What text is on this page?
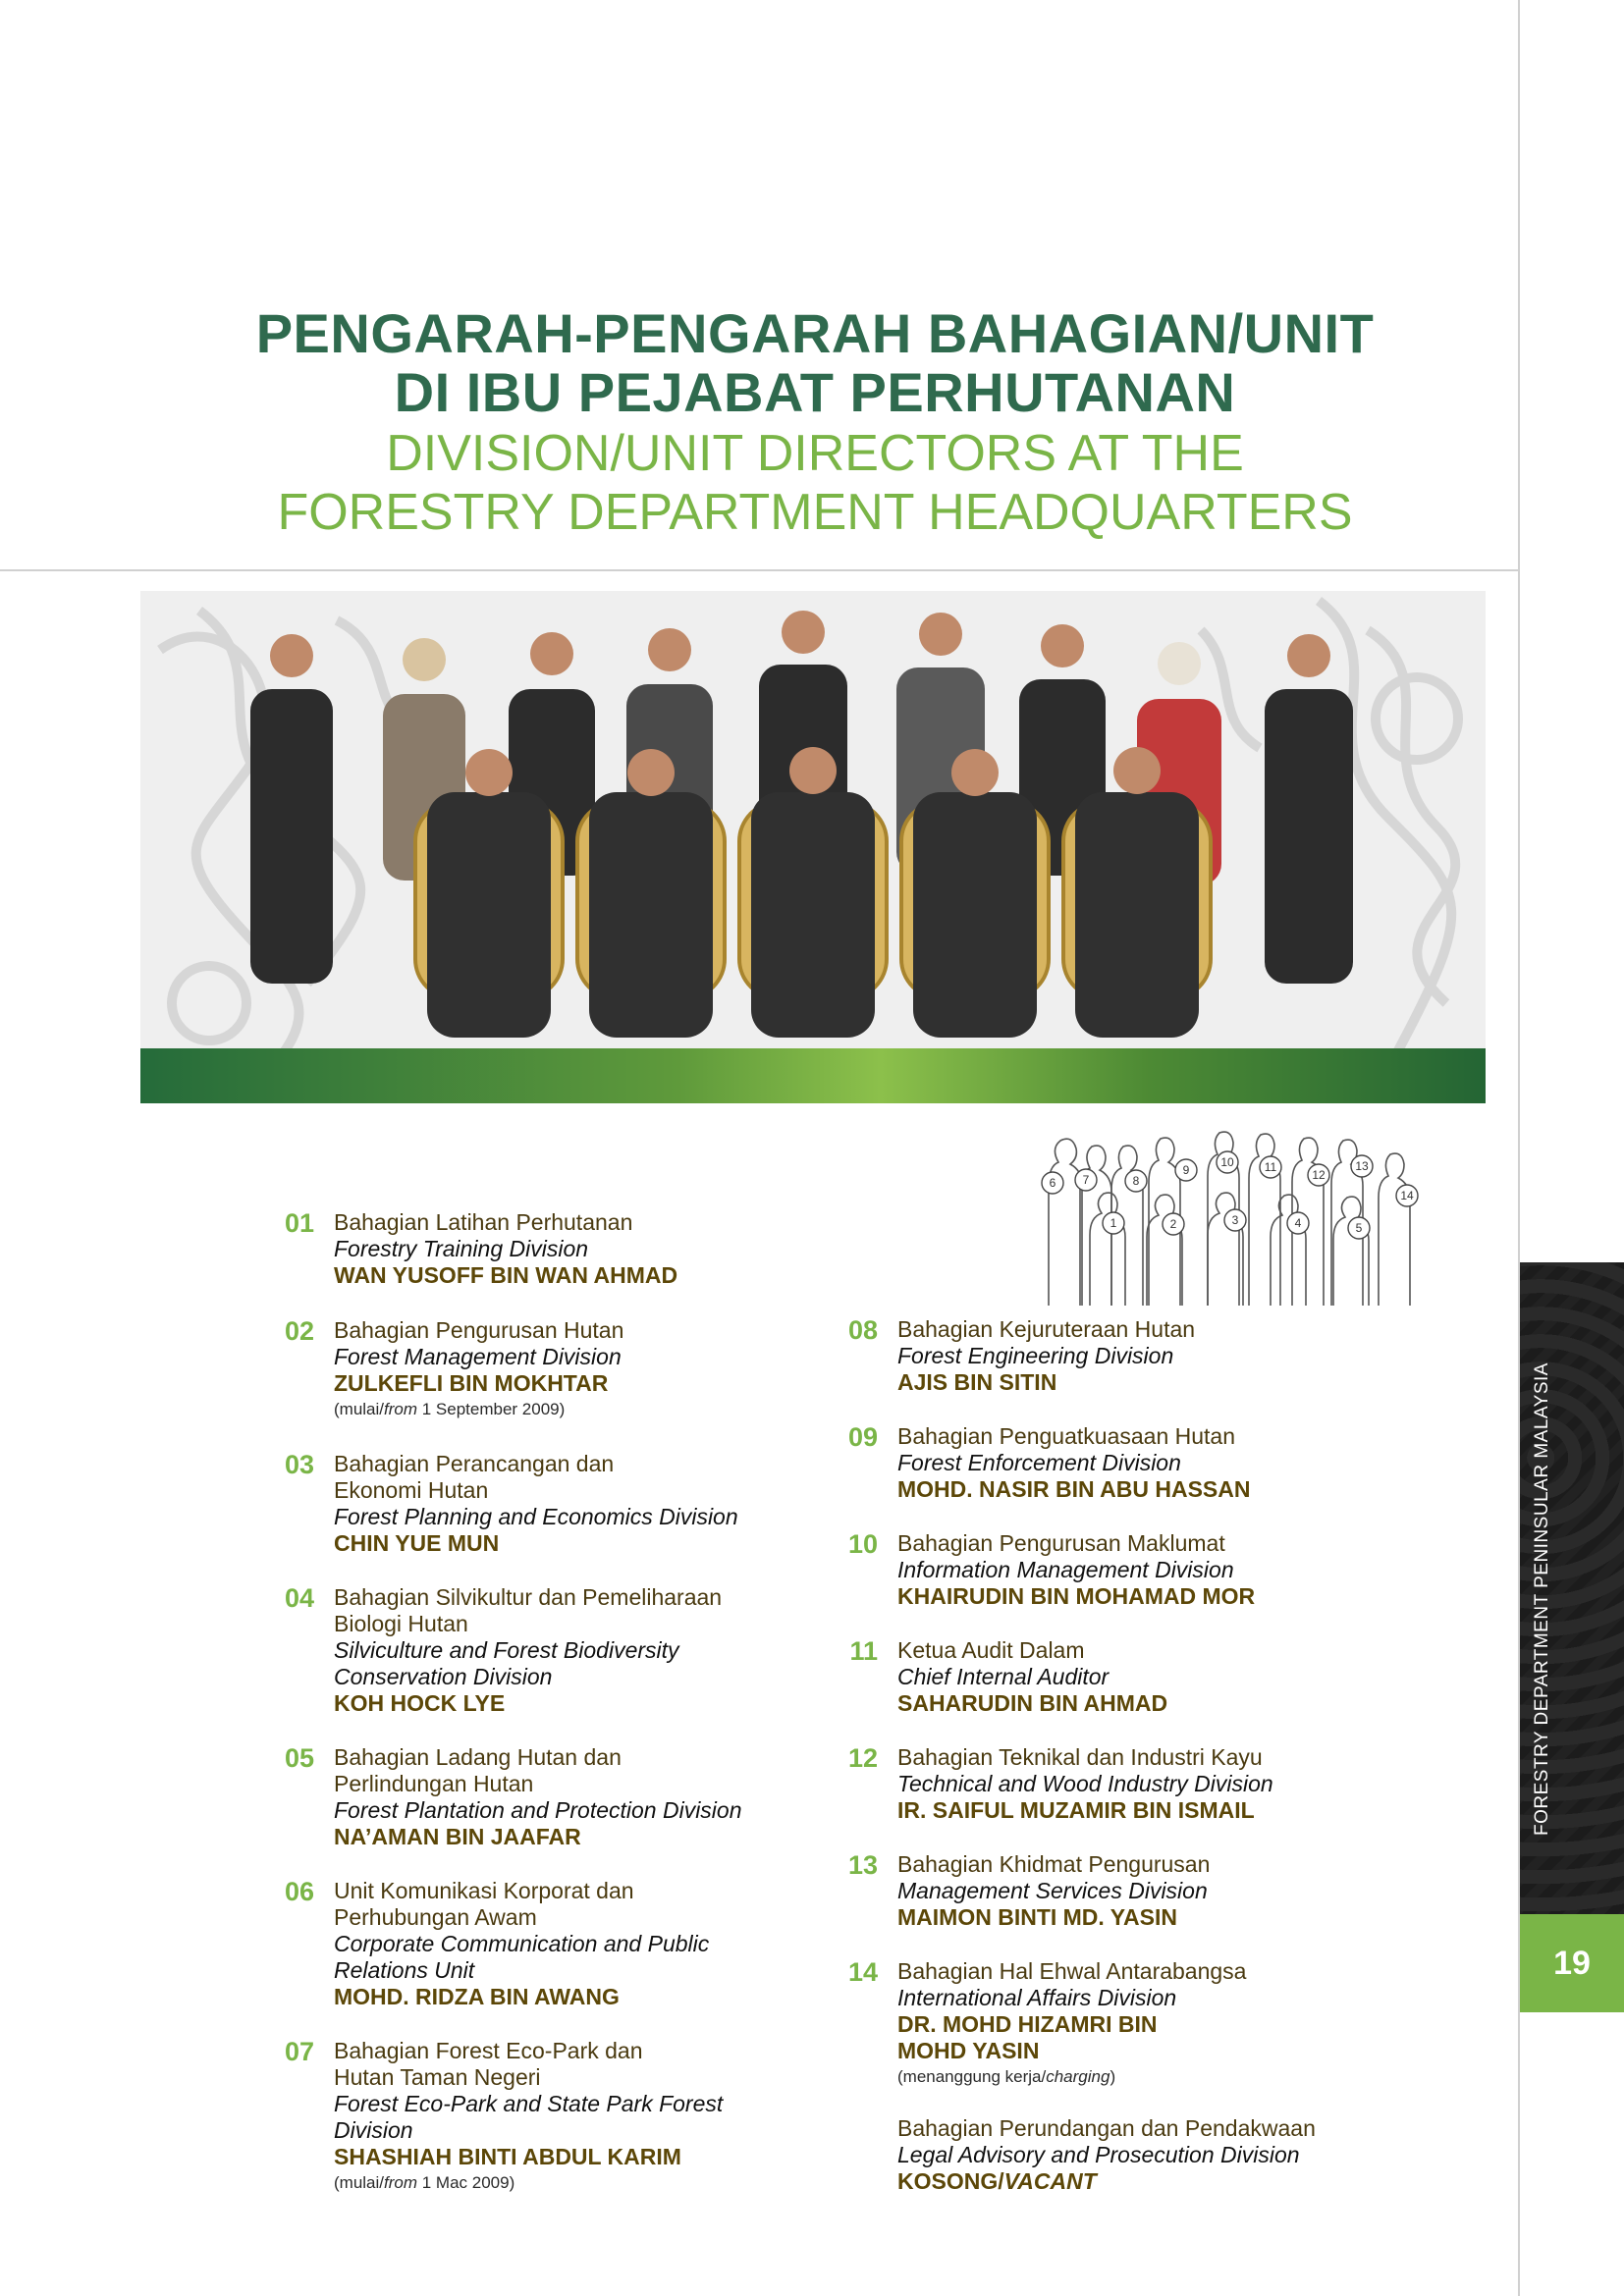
PENGARAH-PENGARAH BAHAGIAN/UNIT
DI IBU PEJABAT PERHUTANAN
DIVISION/UNIT DIRECTORS AT THE
FORESTRY DEPARTMENT HEADQUARTERS
6 7	8
9
10	11
12
13
14
1	2	3	4	5
01 Bahagian Latihan Perhutanan
Forestry Training Division
WAN YUSOFF BIN WAN AHMAD
02 Bahagian Pengurusan Hutan
Forest Management Division
ZULKEFLI BIN MOKHTAR
(mulai/from 1 September 2009)
03 Bahagian Perancangan dan
Ekonomi Hutan
Forest Planning and Economics Division
CHIN YUE MUN
04 Bahagian Silvikultur dan Pemeliharaan
Biologi Hutan
Silviculture and Forest Biodiversity
Conservation Division
KOH HOCK LYE
05 Bahagian Ladang Hutan dan
Perlindungan Hutan
Forest Plantation and Protection Division
NA’AMAN BIN JAAFAR
06 Unit Komunikasi Korporat dan
Perhubungan Awam
Corporate Communication and Public
Relations Unit
MOHD. RIDZA BIN AWANG
07 Bahagian Forest Eco-Park dan
Hutan Taman Negeri
Forest Eco-Park and State Park Forest
Division
SHASHIAH BINTI ABDUL KARIM
(mulai/from 1 Mac 2009)
08 Bahagian Kejuruteraan Hutan
Forest Engineering Division
AJIS BIN SITIN
09 Bahagian Penguatkuasaan Hutan
Forest Enforcement Division
MOHD. NASIR BIN ABU HASSAN
10 Bahagian Pengurusan Maklumat
Information Management Division
KHAIRUDIN BIN MOHAMAD MOR
11 Ketua Audit Dalam
Chief Internal Auditor
SAHARUDIN BIN AHMAD
12 Bahagian Teknikal dan Industri Kayu
Technical and Wood Industry Division
IR. SAIFUL MUZAMIR BIN ISMAIL
13 Bahagian Khidmat Pengurusan
Management Services Division
MAIMON BINTI MD. YASIN
14 Bahagian Hal Ehwal Antarabangsa
International Affairs Division
DR. MOHD HIZAMRI BIN
MOHD YASIN
(menanggung kerja/charging)
Bahagian Perundangan dan Pendakwaan
Legal Advisory and Prosecution Division
KOSONG/VACANT
FORESTRY DEPARTMENT PENINSULAR MALAYSIA
19
